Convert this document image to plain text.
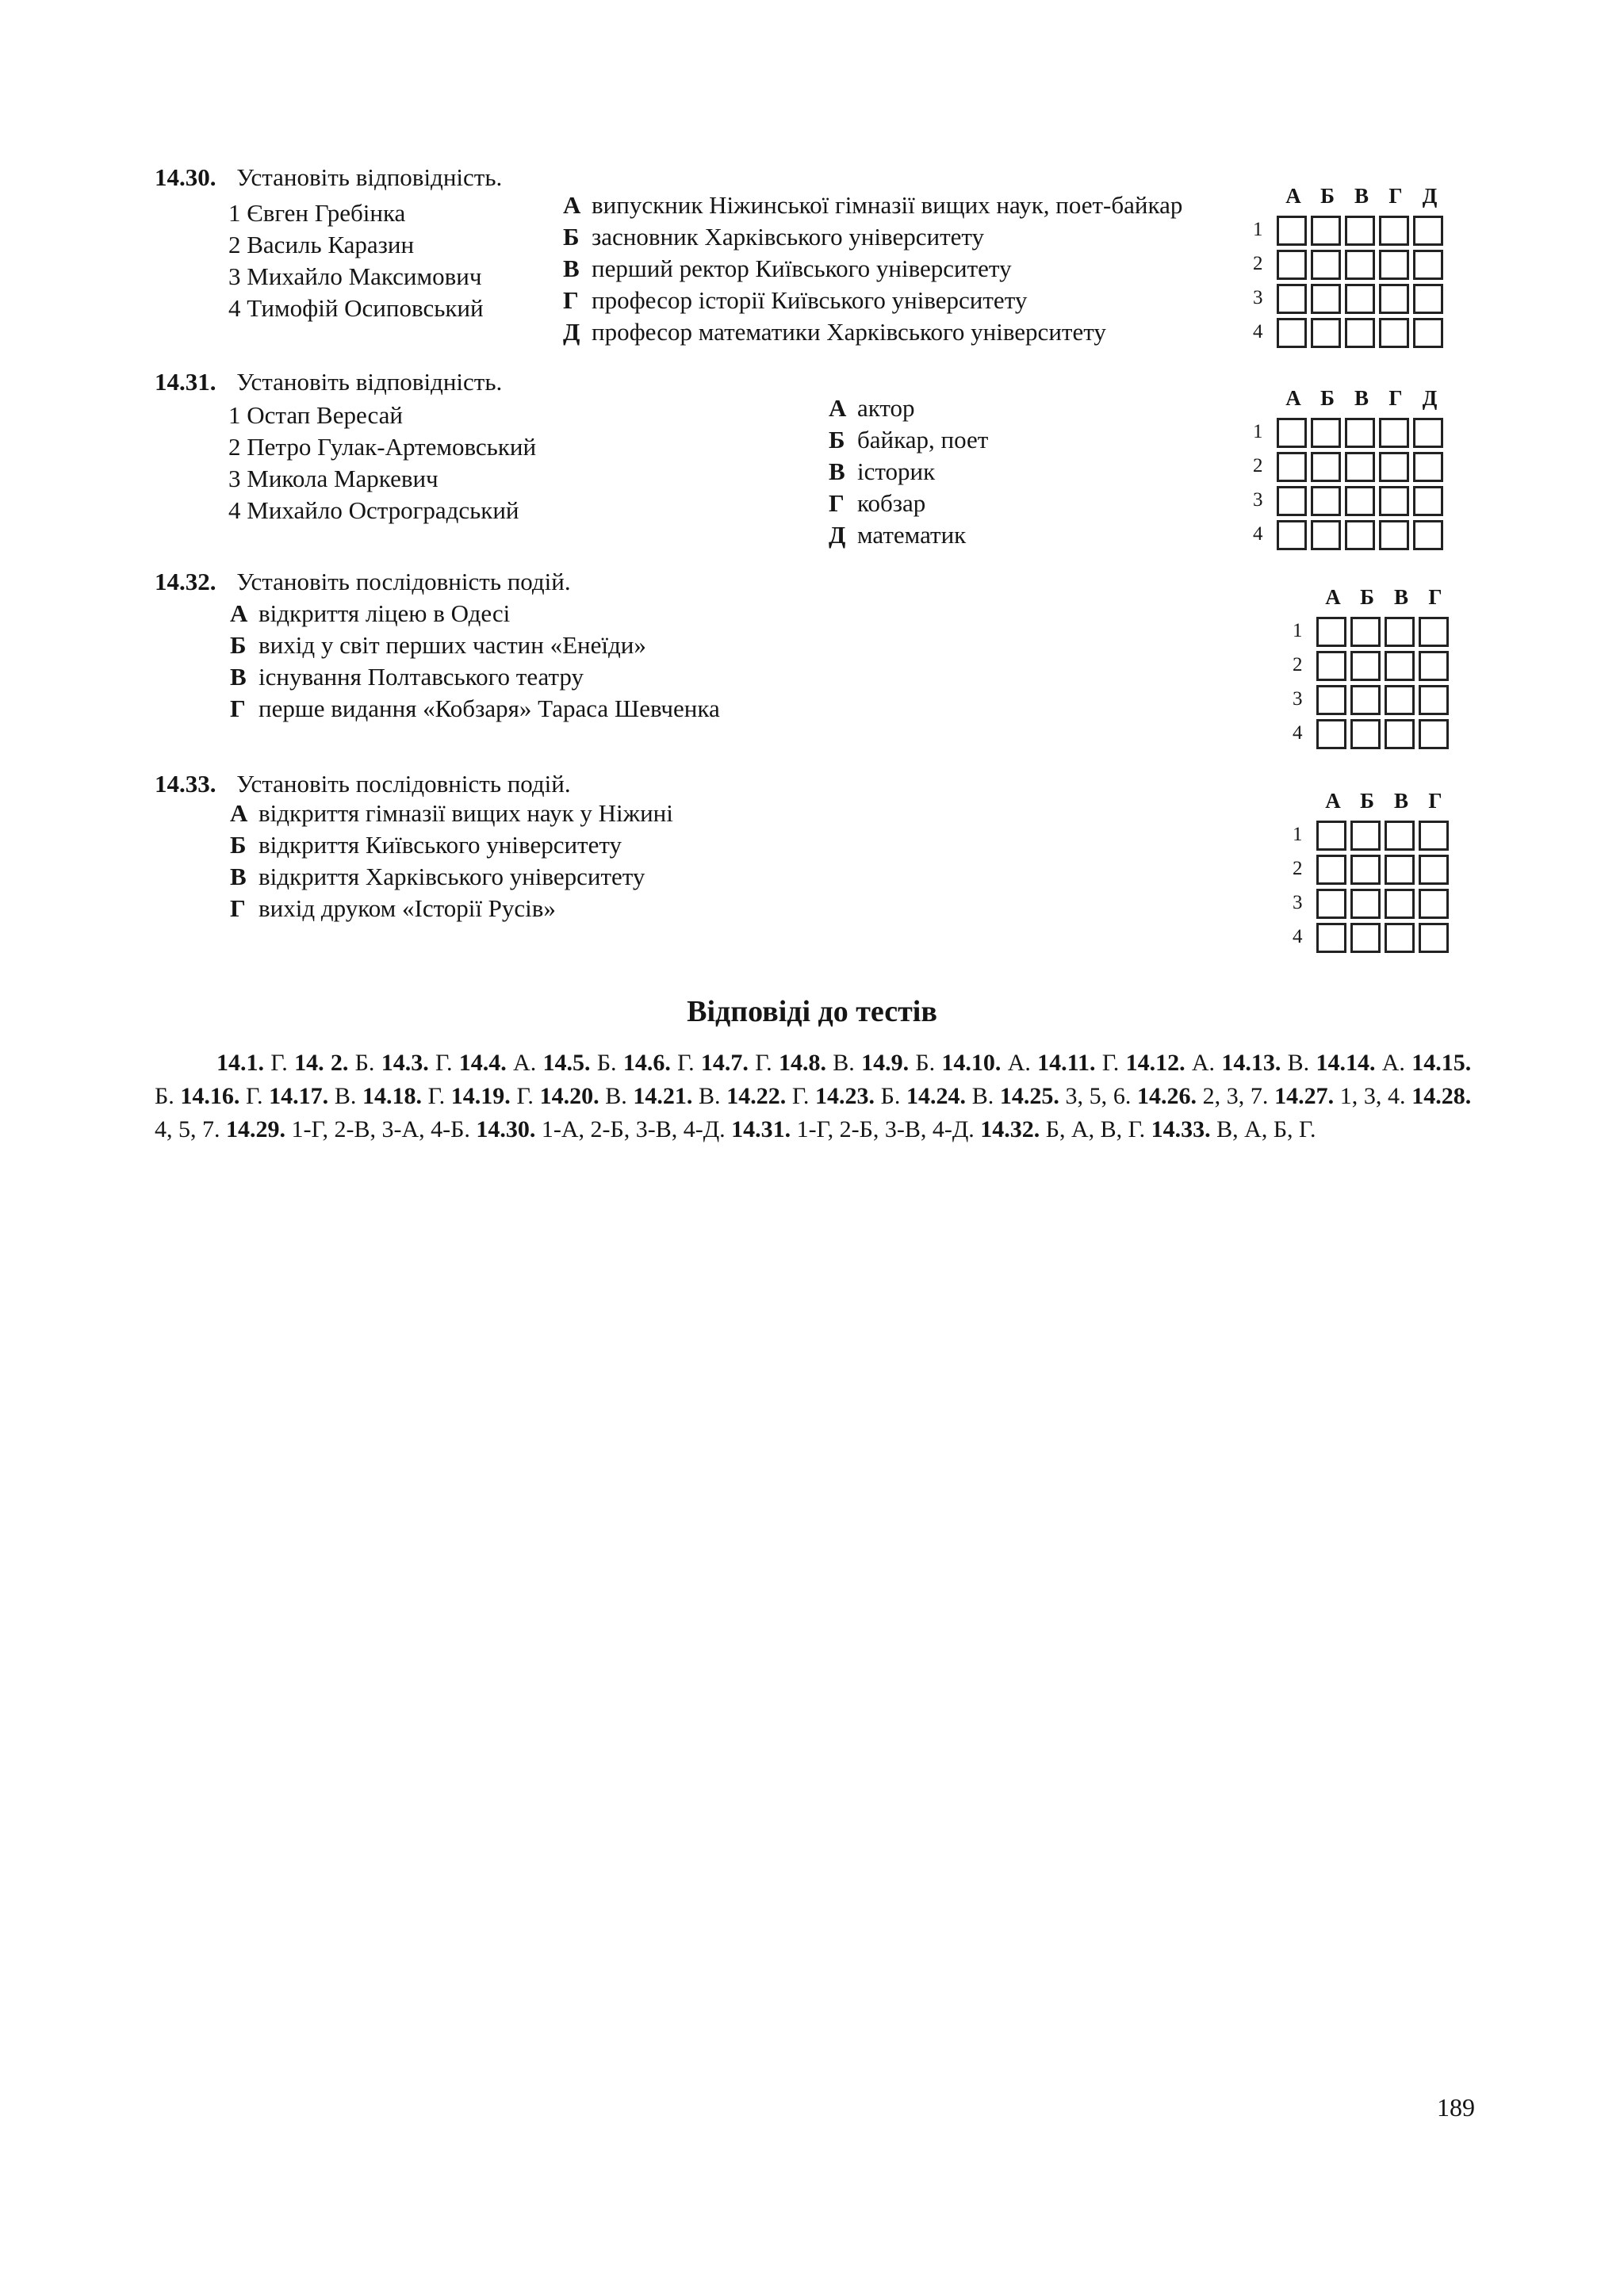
14.30. Установіть відповідність.
1 Євген Гребінка
2 Василь Каразин
3 Михайло Максимович
4 Тимофій Осиповський
А випускник Ніжинської гімназії вищих наук, поет-байкар
Б засновник Харківського університету
В перший ректор Київського університету
Г професор історії Київського університету
Д професор математики Харківського університету
А Б В Г Д
1
2
3
4
14.31. Установіть відповідність.
1 Остап Вересай
2 Петро Гулак-Артемовський
3 Микола Маркевич
4 Михайло Остроградський
А актор
Б байкар, поет
В історик
Г кобзар
Д математик
А Б В Г Д
1
2
3
4
14.32. Установіть послідовність подій.
А відкриття ліцею в Одесі
Б вихід у світ перших частин «Енеїди»
В існування Полтавського театру
Г перше видання «Кобзаря» Тараса Шевченка
А Б В Г
1
2
3
4
14.33. Установіть послідовність подій.
А відкриття гімназії вищих наук у Ніжині
Б відкриття Київського університету
В відкриття Харківського університету
Г вихід друком «Історії Русів»
А Б В Г
1
2
3
4
Відповіді до тестів
14.1. Г. 14. 2. Б. 14.3. Г. 14.4. А. 14.5. Б. 14.6. Г. 14.7. Г. 14.8. В. 14.9. Б. 14.10. А. 14.11. Г. 14.12. А. 14.13. В. 14.14. А. 14.15. Б. 14.16. Г. 14.17. В. 14.18. Г. 14.19. Г. 14.20. В. 14.21. В. 14.22. Г. 14.23. Б. 14.24. В. 14.25. 3, 5, 6. 14.26. 2, 3, 7. 14.27. 1, 3, 4. 14.28. 4, 5, 7. 14.29. 1-Г, 2-В, 3-А, 4-Б. 14.30. 1-А, 2-Б, 3-В, 4-Д. 14.31. 1-Г, 2-Б, 3-В, 4-Д. 14.32. Б, А, В, Г. 14.33. В, А, Б, Г.
189
